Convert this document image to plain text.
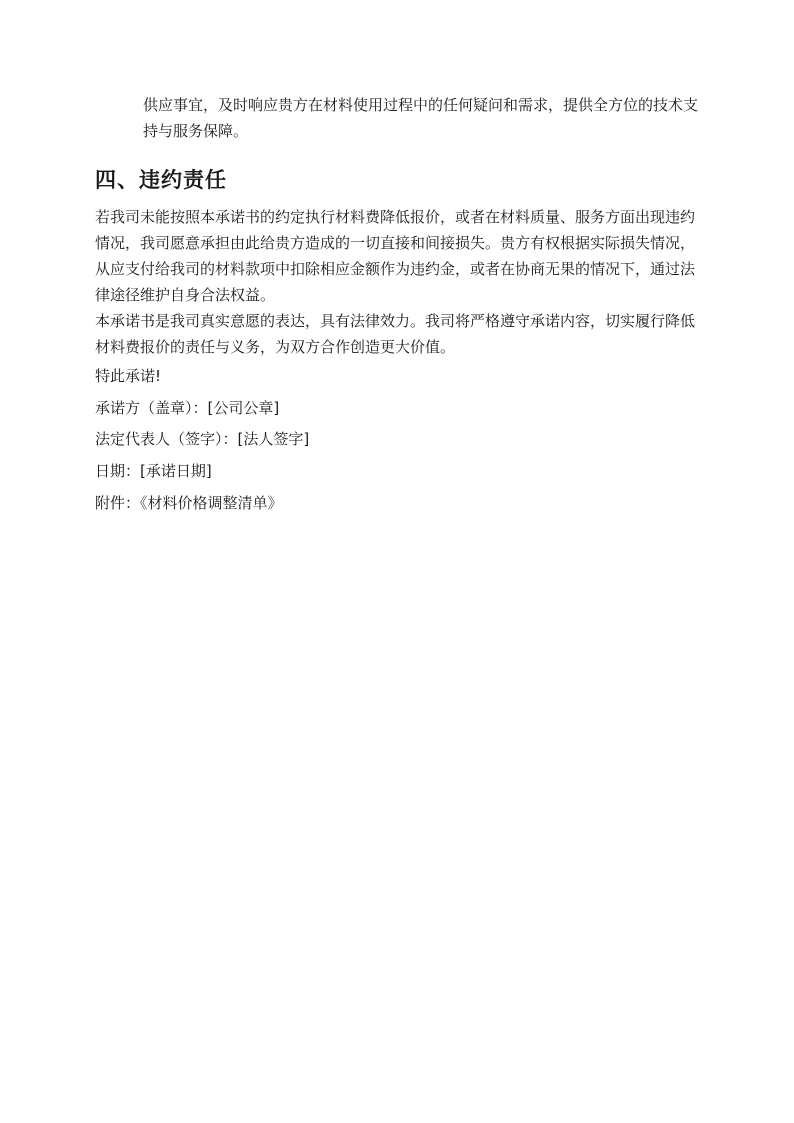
供应事宜，及时响应贵方在材料使用过程中的任何疑问和需求，提供全方位的技术支持与服务保障。

四、违约责任

若我司未能按照本承诺书的约定执行材料费降低报价，或者在材料质量、服务方面出现违约情况，我司愿意承担由此给贵方造成的一切直接和间接损失。贵方有权根据实际损失情况，从应支付给我司的材料款项中扣除相应金额作为违约金，或者在协商无果的情况下，通过法律途径维护自身合法权益。

本承诺书是我司真实意愿的表达，具有法律效力。我司将严格遵守承诺内容，切实履行降低材料费报价的责任与义务，为双方合作创造更大价值。

特此承诺!

承诺方（盖章）：[公司公章]

法定代表人（签字）：[法人签字]

日期：[承诺日期]

附件：《材料价格调整清单》
